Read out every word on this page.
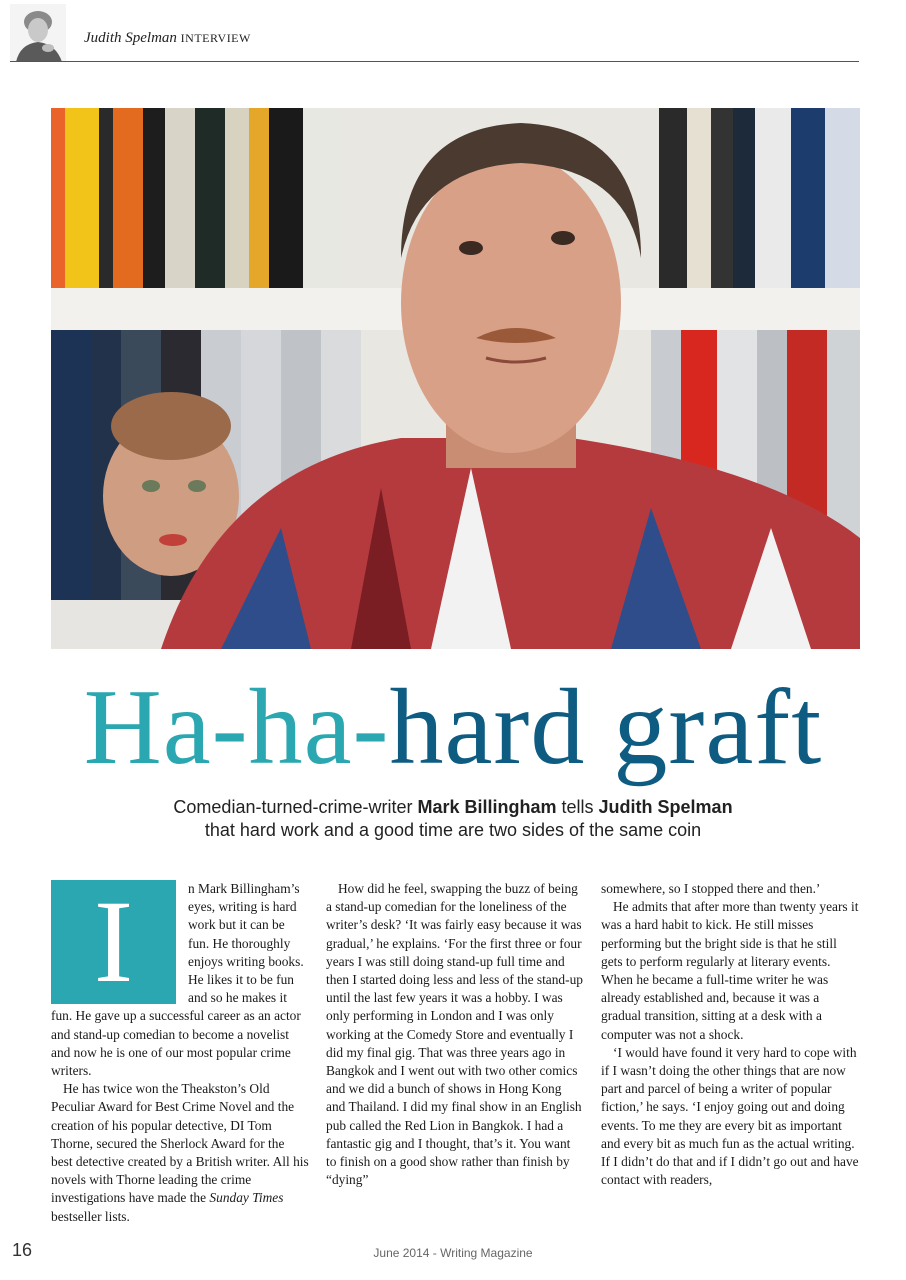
Judith Spelman INTERVIEW
Ha-ha-hard graft
Comedian-turned-crime-writer Mark Billingham tells Judith Spelman
that hard work and a good time are two sides of the same coin
I	n Mark Billingham’s eyes, writing is hard work but it can be fun. He thoroughly enjoys writing books. He likes it to be fun and so he makes it fun. He gave up a successful career as an actor and stand-up comedian to become a novelist and now he is one of our most popular crime writers.

He has twice won the Theakston’s Old Peculiar Award for Best Crime Novel and the creation of his popular detective, DI Tom Thorne, secured the Sherlock Award for the best detective created by a British writer. All his novels with Thorne leading the crime investigations have made the Sunday Times bestseller lists.

How did he feel, swapping the buzz of being a stand-up comedian for the loneliness of the writer’s desk? ‘It was fairly easy because it was gradual,’ he explains. ‘For the first three or four years I was still doing stand-up full time and then I started doing less and less of the stand-up until the last few years it was a hobby. I was only performing in London and I was only working at the Comedy Store and eventually I did my final gig. That was three years ago in Bangkok and I went out with two other comics and we did a bunch of shows in Hong Kong and Thailand. I did my final show in an English pub called the Red Lion in Bangkok. I had a fantastic gig and I thought, that’s it. You want to finish on a good show rather than finish by “dying”

somewhere, so I stopped there and then.’

He admits that after more than twenty years it was a hard habit to kick. He still misses performing but the bright side is that he still gets to perform regularly at literary events. When he became a full-time writer he was already established and, because it was a gradual transition, sitting at a desk with a computer was not a shock.

‘I would have found it very hard to cope with if I wasn’t doing the other things that are now part and parcel of being a writer of popular fiction,’ he says. ‘I enjoy going out and doing events. To me they are every bit as important and every bit as much fun as the actual writing. If I didn’t do that and if I didn’t go out and have contact with readers,

16	June 2014 - Writing Magazine
